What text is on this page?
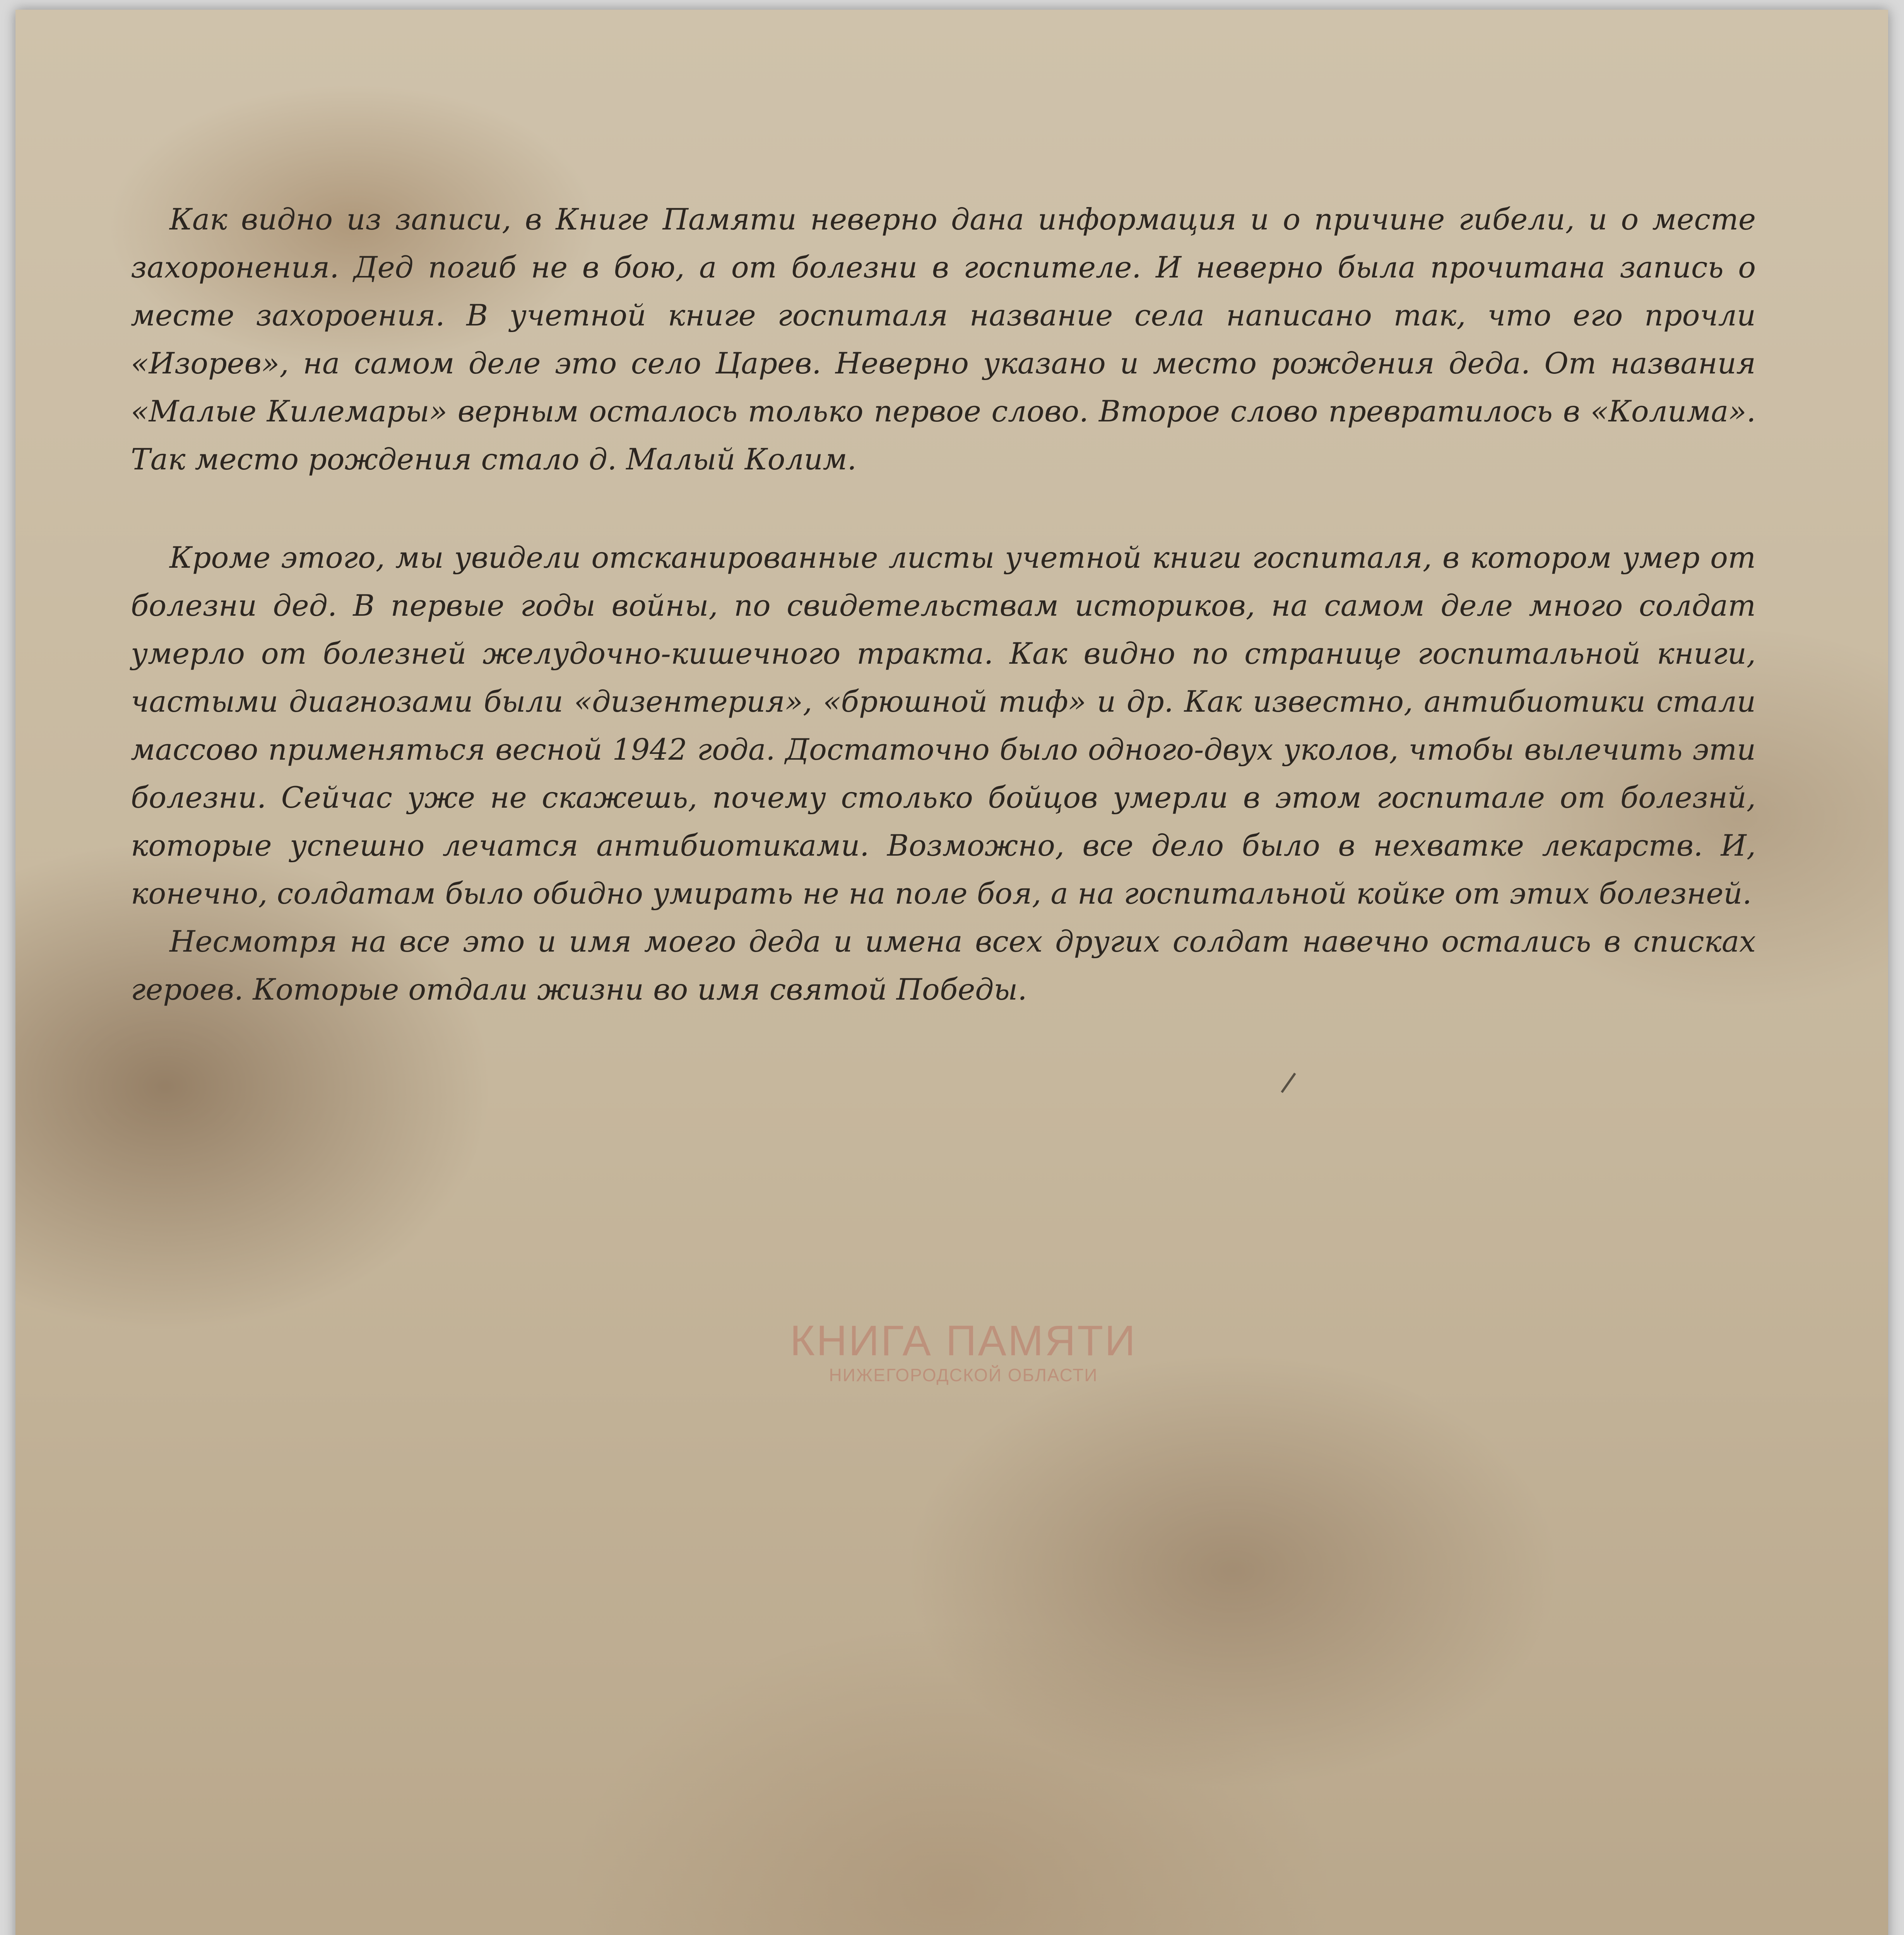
Как видно из записи, в Книге Памяти неверно дана информация и о причине гибели, и о месте захоронения. Дед погиб не в бою, а от болезни в госпителе. И неверно была прочитана запись о месте захороения. В учетной книге госпиталя название села написано так, что его прочли «Изорев», на самом деле это село Царев. Неверно указано и место рождения деда. От названия «Малые Килемары» верным осталось только первое слово. Второе слово превратилось в «Колима». Так место рождения стало д. Малый Колим.

Кроме этого, мы увидели отсканированные листы учетной книги госпиталя, в котором умер от болезни дед. В первые годы войны, по свидетельствам историков, на самом деле много солдат умерло от болезней желудочно-кишечного тракта. Как видно по странице госпитальной книги, частыми диагнозами были «дизентерия», «брюшной тиф» и др. Как известно, антибиотики стали массово применяться весной 1942 года. Достаточно было одного-двух уколов, чтобы вылечить эти болезни. Сейчас уже не скажешь, почему столько бойцов умерли в этом госпитале от болезнй, которые успешно лечатся антибиотиками. Возможно, все дело было в нехватке лекарств. И, конечно, солдатам было обидно умирать не на поле боя, а на госпитальной койке от этих болезней.

Несмотря на все это и имя моего деда и имена всех других солдат навечно остались в списках героев. Которые отдали жизни во имя святой Победы.

КНИГА ПАМЯТИ
НИЖЕГОРОДСКОЙ ОБЛАСТИ
